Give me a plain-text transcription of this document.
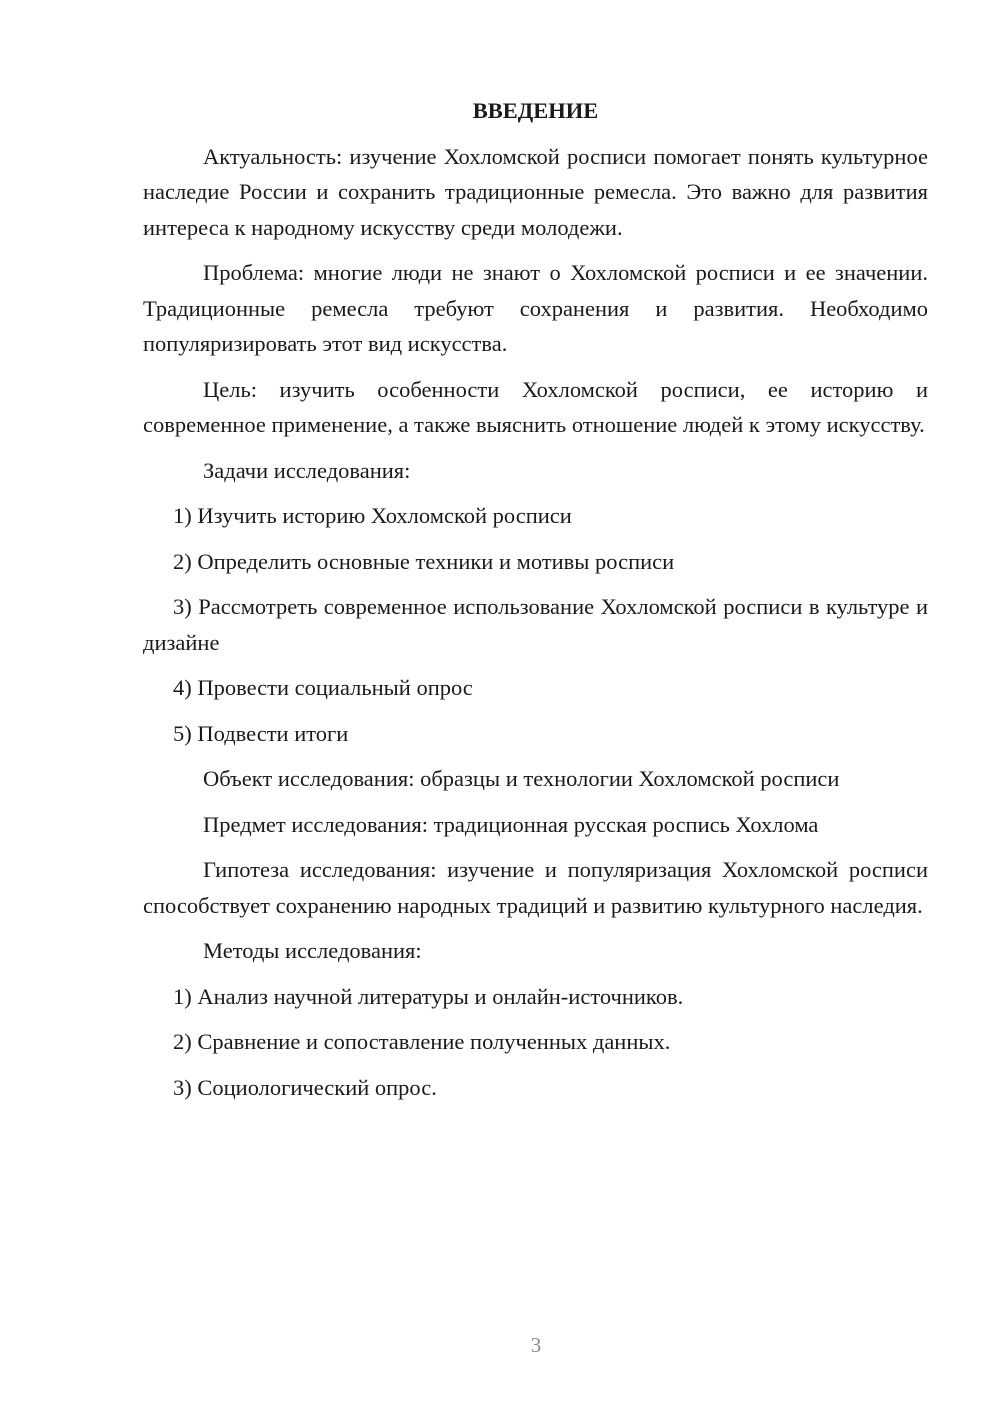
ВВЕДЕНИЕ
Актуальность: изучение Хохломской росписи помогает понять культурное наследие России и сохранить традиционные ремесла. Это важно для развития интереса к народному искусству среди молодежи.
Проблема: многие люди не знают о Хохломской росписи и ее значении. Традиционные ремесла требуют сохранения и развития. Необходимо популяризировать этот вид искусства.
Цель: изучить особенности Хохломской росписи, ее историю и современное применение, а также выяснить отношение людей к этому искусству.
Задачи исследования:
1) Изучить историю Хохломской росписи
2) Определить основные техники и мотивы росписи
3) Рассмотреть современное использование Хохломской росписи в культуре и дизайне
4) Провести социальный опрос
5) Подвести итоги
Объект исследования: образцы и технологии Хохломской росписи
Предмет исследования: традиционная русская роспись Хохлома
Гипотеза исследования: изучение и популяризация Хохломской росписи способствует сохранению народных традиций и развитию культурного наследия.
Методы исследования:
1) Анализ научной литературы и онлайн-источников.
2) Сравнение и сопоставление полученных данных.
3) Социологический опрос.
3
